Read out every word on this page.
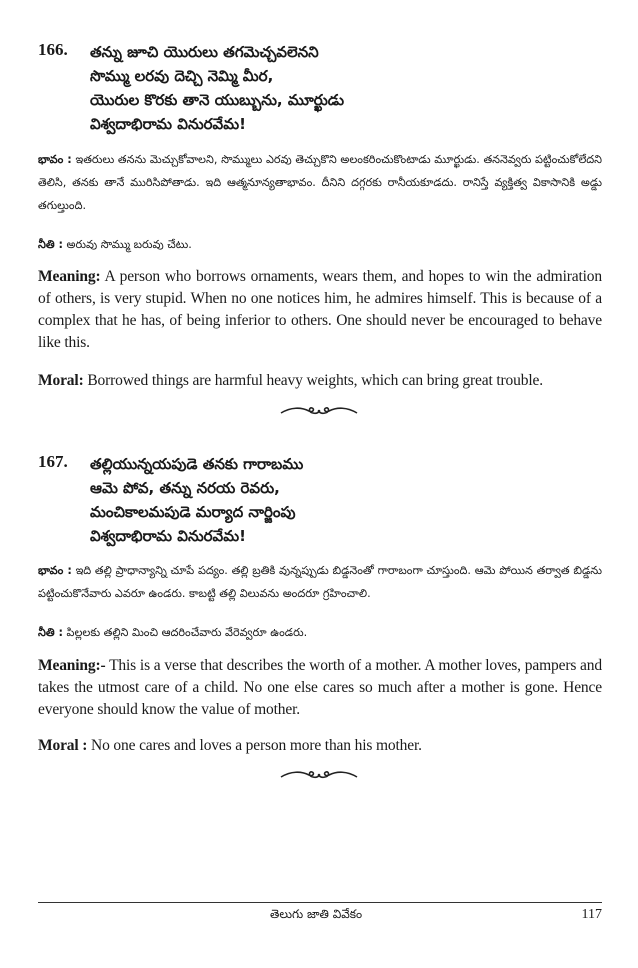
166.	తన్ను జూచి యొరులు తగమెచ్చవలెనని
సొమ్ము లరవు దెచ్చి నెమ్మి మీర,
యొరుల కొరకు తానె యుబ్బును, మూర్ఖుడు
విశ్వదాభిరామ వినురవేమ!

భావం : ఇతరులు తనను మెచ్చుకోవాలని, సొమ్ములు ఎరవు తెచ్చుకొని అలంకరించుకొంటాడు మూర్ఖుడు. తననెవ్వరు పట్టించుకోలేదని తెలిసి, తనకు తానే మురిసిపోతాడు. ఇది ఆత్మనూన్యతాభావం. దీనిని దగ్గరకు రానీయకూడదు. రానిస్తే వ్యక్తిత్వ వికాసానికి అడ్డు తగుల్తుంది.

నీతి : అరువు సొమ్ము బరువు చేటు.

Meaning: A person who borrows ornaments, wears them, and hopes to win the admiration of others, is very stupid. When no one notices him, he admires himself. This is because of a complex that he has, of being inferior to others. One should never be encouraged to behave like this.

Moral: Borrowed things are harmful heavy weights, which can bring great trouble.

167.	తల్లియున్నయపుడె తనకు గారాబము
ఆమె పోవ, తన్ను నరయ రెవరు,
మంచికాలమపుడె మర్యాద నార్జింపు
విశ్వదాభిరామ వినురవేమ!

భావం : ఇది తల్లి ప్రాధాన్యాన్ని చూపే పద్యం. తల్లి బ్రతికి వున్నప్పుడు బిడ్డనెంతో గారాబంగా చూస్తుంది. ఆమె పోయిన తర్వాత బిడ్డను పట్టించుకొనేవారు ఎవరూ ఉండరు. కాబట్టి తల్లి విలువను అందరూ గ్రహించాలి.

నీతి : పిల్లలకు తల్లిని మించి ఆదరించేవారు వేరెవ్వరూ ఉండరు.

Meaning:- This is a verse that describes the worth of a mother. A mother loves, pampers and takes the utmost care of a child. No one else cares so much after a mother is gone. Hence everyone should know the value of mother.

Moral : No one cares and loves a person more than his mother.

తెలుగు జాతి వివేకం	117
